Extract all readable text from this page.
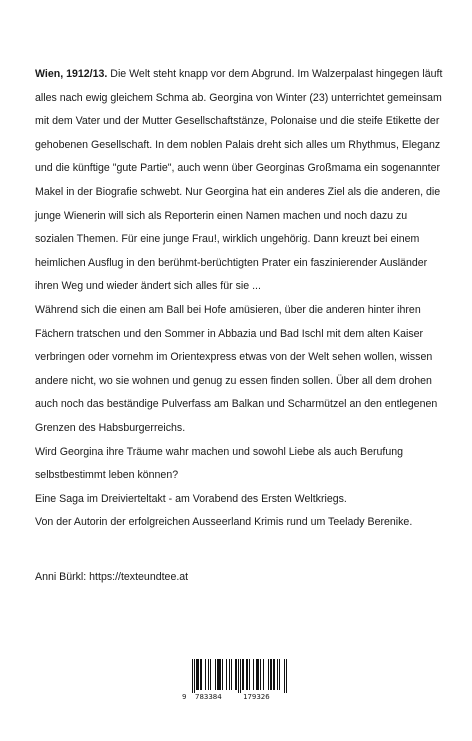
Wien, 1912/13. Die Welt steht knapp vor dem Abgrund. Im Walzerpalast hingegen läuft alles nach ewig gleichem Schma ab. Georgina von Winter (23) unterrichtet gemeinsam mit dem Vater und der Mutter Gesellschaftstänze, Polonaise und die steife Etikette der gehobenen Gesellschaft. In dem noblen Palais dreht sich alles um Rhythmus, Eleganz und die künftige "gute Partie", auch wenn über Georginas Großmama ein sogenannter Makel in der Biografie schwebt. Nur Georgina hat ein anderes Ziel als die anderen, die junge Wienerin will sich als Reporterin einen Namen machen und noch dazu zu sozialen Themen. Für eine junge Frau!, wirklich ungehörig. Dann kreuzt bei einem heimlichen Ausflug in den berühmt-berüchtigten Prater ein faszinierender Ausländer ihren Weg und wieder ändert sich alles für sie ...

Während sich die einen am Ball bei Hofe amüsieren, über die anderen hinter ihren Fächern tratschen und den Sommer in Abbazia und Bad Ischl mit dem alten Kaiser verbringen oder vornehm im Orientexpress etwas von der Welt sehen wollen, wissen andere nicht, wo sie wohnen und genug zu essen finden sollen. Über all dem drohen auch noch das beständige Pulverfass am Balkan und Scharmützel an den entlegenen Grenzen des Habsburgerreichs.

Wird Georgina ihre Träume wahr machen und sowohl Liebe als auch Berufung selbstbestimmt leben können?

Eine Saga im Dreivierteltakt - am Vorabend des Ersten Weltkriegs.

Von der Autorin der erfolgreichen Ausseerland Krimis rund um Teelady Berenike.

Anni Bürkl: https://texteundtee.at
9 783384	179326
